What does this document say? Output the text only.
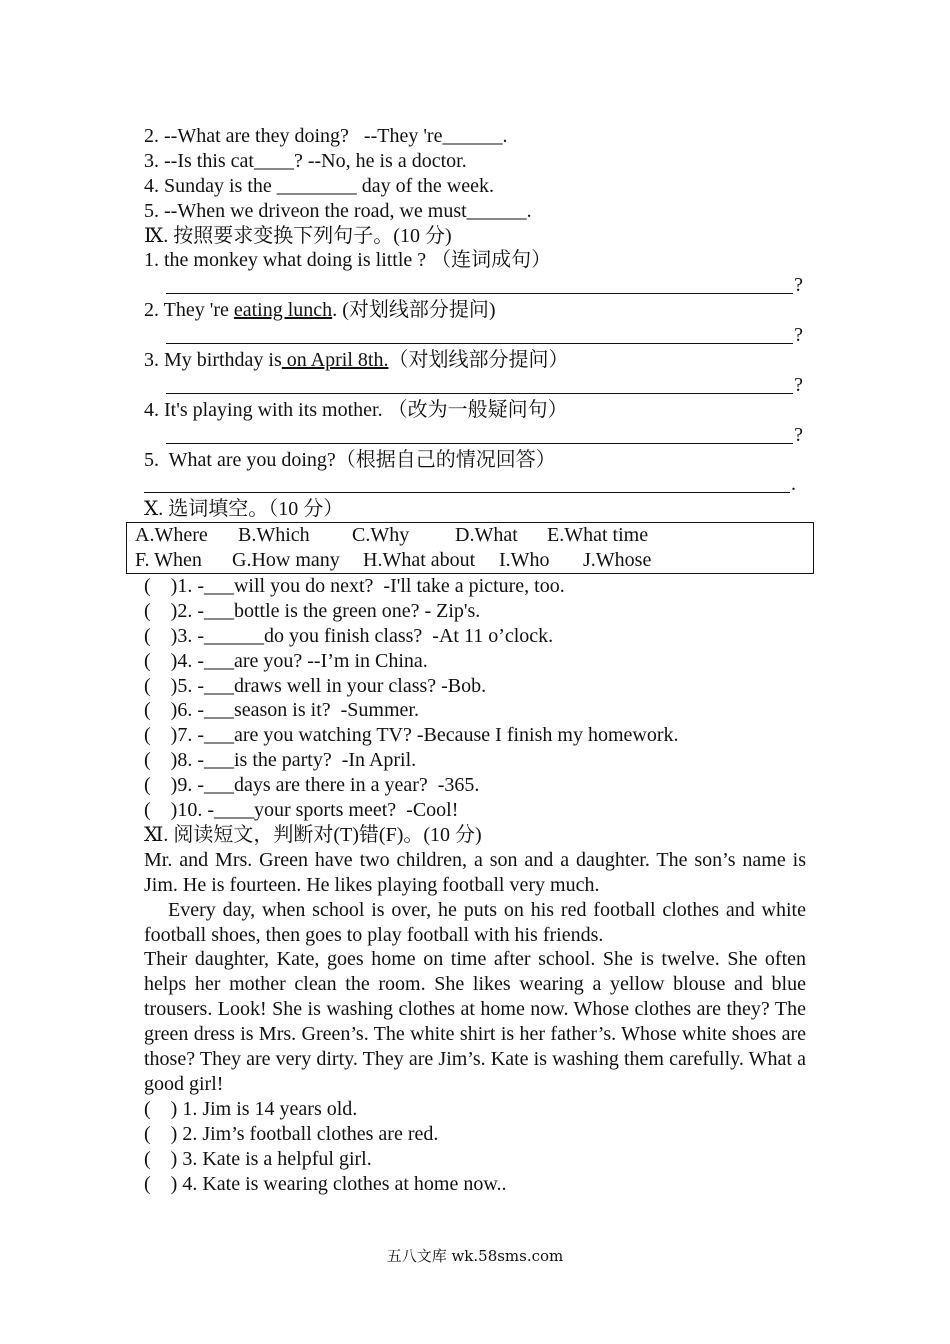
2. --What are they doing?   --They 're______.
3. --Is this cat____? --No, he is a doctor.
4. Sunday is the ________ day of the week.
5. --When we driveon the road, we must______.
Ⅸ. 按照要求变换下列句子。(10 分)
1. the monkey what doing is little ? （连词成句）
?
2. They 're eating lunch. (对划线部分提问)
?
3. My birthday is on April 8th.（对划线部分提问）
?
4. It's playing with its mother. （改为一般疑问句）
?
5.  What are you doing?（根据自己的情况回答）
.
Ⅹ. 选词填空。（10 分）
A.Where B.Which C.Why D.What E.What time
F. When G.How many H.What about I.Who J.Whose
(    )1. -___will you do next?  -I'll take a picture, too.
(    )2. -___bottle is the green one? - Zip's.
(    )3. -______do you finish class?  -At 11 o’clock.
(    )4. -___are you? --I’m in China.
(    )5. -___draws well in your class? -Bob.
(    )6. -___season is it?  -Summer.
(    )7. -___are you watching TV? -Because I finish my homework.
(    )8. -___is the party?  -In April.
(    )9. -___days are there in a year?  -365.
(    )10. -____your sports meet?  -Cool!
Ⅺ. 阅读短文，判断对(T)错(F)。(10 分)
Mr. and Mrs. Green have two children, a son and a daughter. The son’s name is Jim. He is fourteen. He likes playing football very much.
Every day, when school is over, he puts on his red football clothes and white football shoes, then goes to play football with his friends.
Their daughter, Kate, goes home on time after school. She is twelve. She often helps her mother clean the room. She likes wearing a yellow blouse and blue trousers. Look! She is washing clothes at home now. Whose clothes are they? The green dress is Mrs. Green’s. The white shirt is her father’s. Whose white shoes are those? They are very dirty. They are Jim’s. Kate is washing them carefully. What a good girl!
(    ) 1. Jim is 14 years old.
(    ) 2. Jim’s football clothes are red.
(    ) 3. Kate is a helpful girl.
(    ) 4. Kate is wearing clothes at home now..
五八文库 wk.58sms.com
